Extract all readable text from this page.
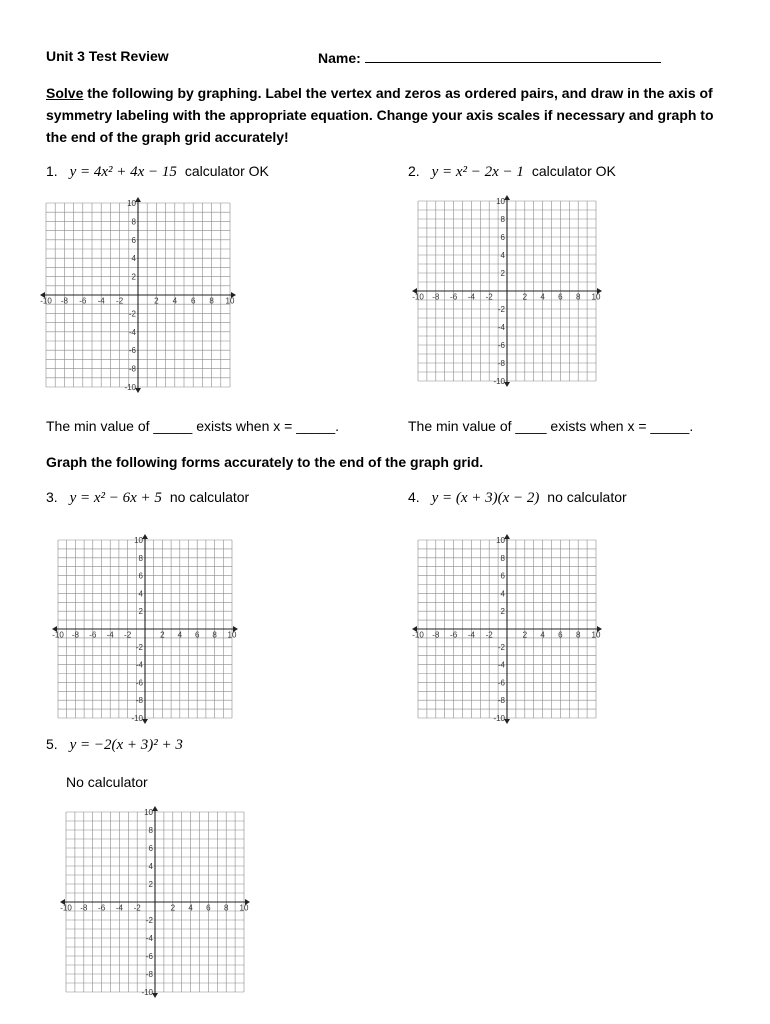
Unit 3 Test Review	Name:
Solve the following by graphing. Label the vertex and zeros as ordered pairs, and draw in the axis of symmetry labeling with the appropriate equation. Change your axis scales if necessary and graph to the end of the graph grid accurately!
1. y = 4x² + 4x − 15 calculator OK	2. y = x² − 2x − 1 calculator OK
-10 -8 -6 -4 -2	2 4 6 8 10
10
8
6
4
2
-2
-4
-6
-8
-10
-10 -8 -6 -4 -2	2 4 6 8 10
10
8
6
4
2
-2
-4
-6
-8
-10
The min value of _____ exists when x = _____.	The min value of ____ exists when x = _____.
Graph the following forms accurately to the end of the graph grid.
3. y = x² − 6x + 5 no calculator	4. y = (x + 3)(x − 2) no calculator
-10 -8 -6 -4 -2	2 4 6 8 10
10
8
6
4
2
-2
-4
-6
-8
-10
-10 -8 -6 -4 -2	2 4 6 8 10
10
8
6
4
2
-2
-4
-6
-8
-10
5. y = −2(x + 3)² + 3
No calculator
-10 -8 -6 -4 -2	2 4 6 8 10
10
8
6
4
2
-2
-4
-6
-8
-10
